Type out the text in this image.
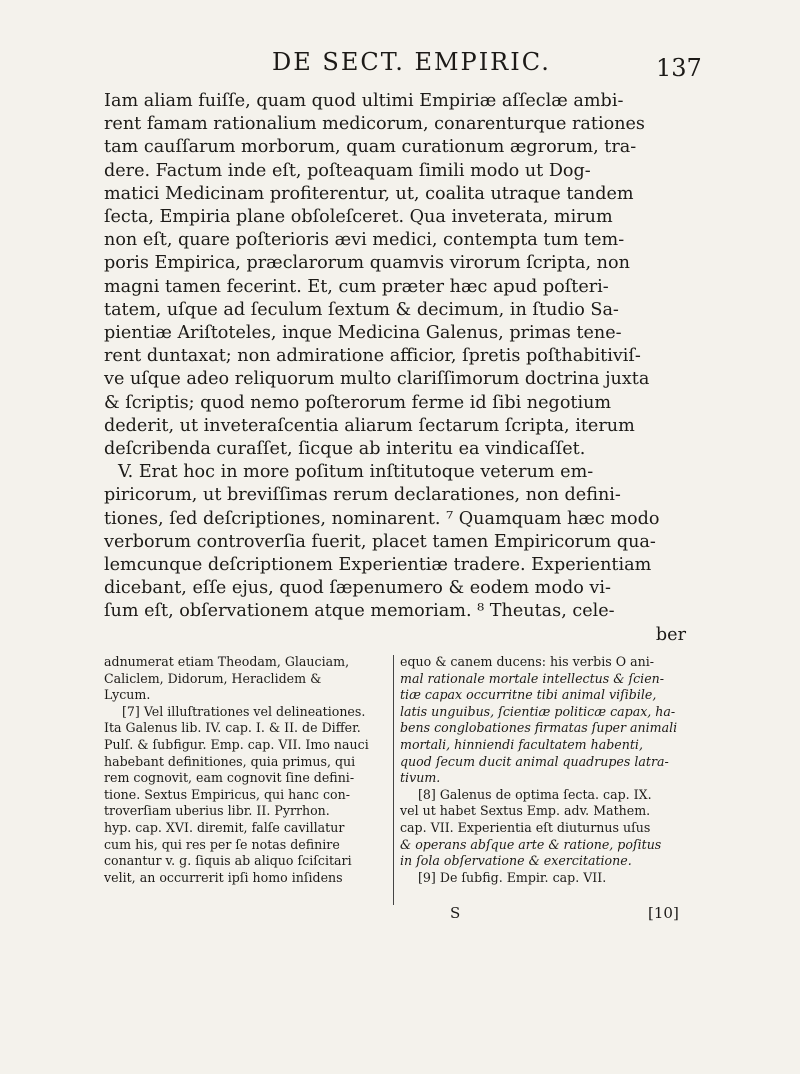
DE SECT. EMPIRIC.	137
Iam aliam fuiſſe, quam quod ultimi Empiriæ aſſeclæ ambi-
rent famam rationalium medicorum, conarenturque rationes
tam cauſſarum morborum, quam curationum ægrorum, tra-
dere. Factum inde eſt, poſteaquam ſimili modo ut Dog-
matici Medicinam profiterentur, ut, coalita utraque tandem
ſecta, Empiria plane obſoleſceret. Qua inveterata, mirum
non eſt, quare poſterioris ævi medici, contempta tum tem-
poris Empirica, præclarorum quamvis virorum ſcripta, non
magni tamen fecerint. Et, cum præter hæc apud poſteri-
tatem, uſque ad ſeculum ſextum & decimum, in ſtudio Sa-
pientiæ Ariſtoteles, inque Medicina Galenus, primas tene-
rent duntaxat; non admiratione afficior, ſpretis poſthabitiviſ-
ve uſque adeo reliquorum multo clariſſimorum doctrina juxta
& ſcriptis; quod nemo poſterorum ferme id ſibi negotium
dederit, ut inveteraſcentia aliarum ſectarum ſcripta, iterum
deſcribenda curaſſet, ſicque ab interitu ea vindicaſſet.
V. Erat hoc in more poſitum inſtitutoque veterum em-
piricorum, ut breviſſimas rerum declarationes, non defini-
tiones, ſed deſcriptiones, nominarent. ⁷ Quamquam hæc modo
verborum controverſia fuerit, placet tamen Empiricorum qua-
lemcunque deſcriptionem Experientiæ tradere. Experientiam
dicebant, eſſe ejus, quod ſæpenumero & eodem modo vi-
ſum eſt, obſervationem atque memoriam. ⁸ Theutas, cele-
ber
adnumerat etiam Theodam, Glauciam,
Caliclem, Didorum, Heraclidem &
Lycum.
[7] Vel illuſtrationes vel delineationes.
Ita Galenus lib. IV. cap. I. & II. de Differ.
Pulſ. & ſubfigur. Emp. cap. VII. Imo nauci
habebant definitiones, quia primus, qui
rem cognovit, eam cognovit ſine defini-
tione. Sextus Empiricus, qui hanc con-
troverſiam uberius libr. II. Pyrrhon.
hyp. cap. XVI. diremit, falſe cavillatur
cum his, qui res per ſe notas definire
conantur v. g. ſiquis ab aliquo ſciſcitari
velit, an occurrerit ipſi homo inſidens
equo & canem ducens: his verbis O ani-
mal rationale mortale intellectus & ſcien-
tiæ capax occurritne tibi animal viſibile,
latis unguibus, ſcientiæ politicæ capax, ha-
bens conglobationes firmatas ſuper animali
mortali, hinniendi facultatem habenti,
quod ſecum ducit animal quadrupes latra-
tivum.
[8] Galenus de optima ſecta. cap. IX.
vel ut habet Sextus Emp. adv. Mathem.
cap. VII. Experientia eſt diuturnus uſus
& operans abſque arte & ratione, poſitus
in ſola obſervatione & exercitatione.
[9] De ſubfig. Empir. cap. VII.
S	[10]
